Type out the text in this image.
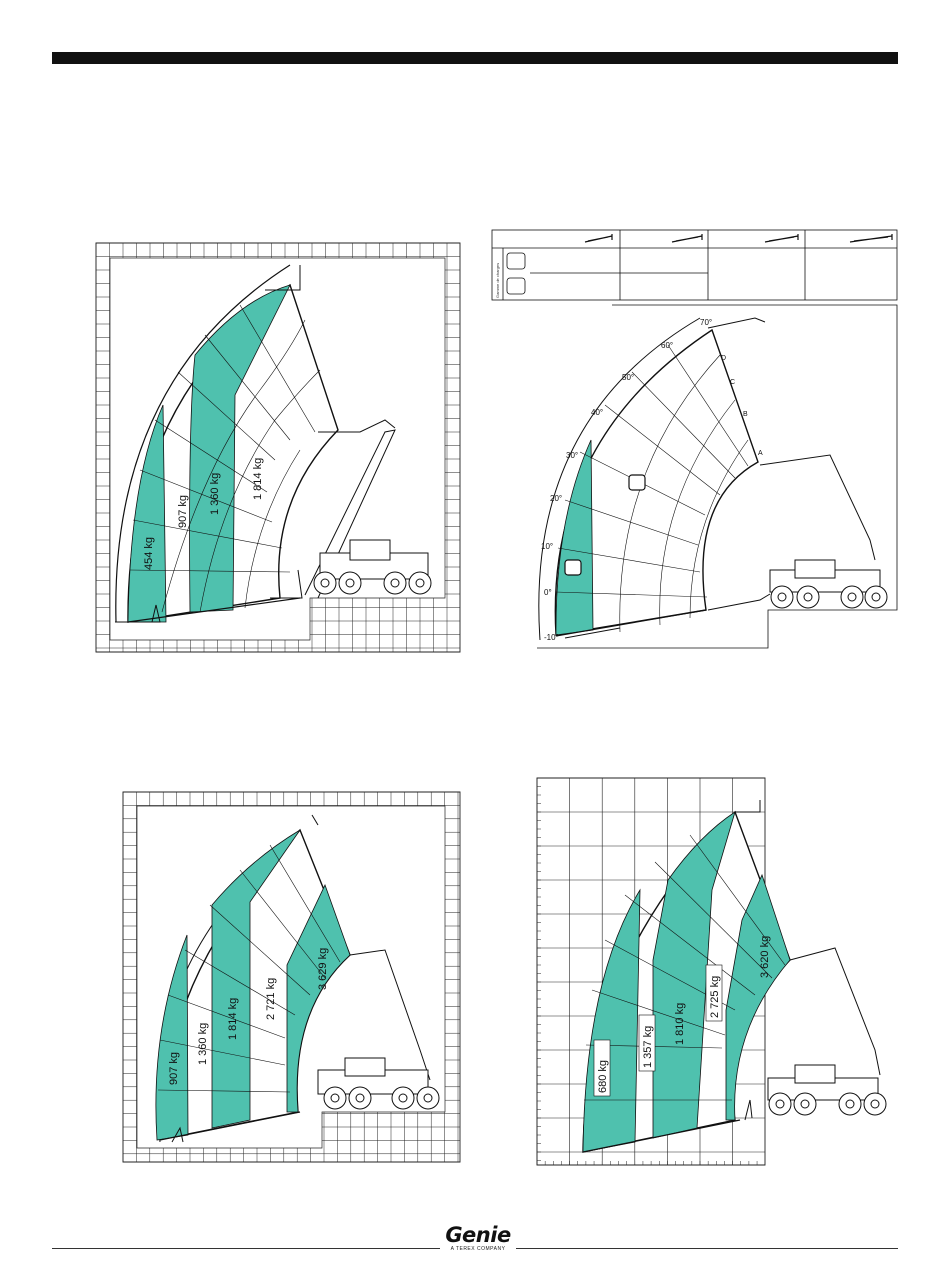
454 kg
907 kg 1 360 kg	1 814 kg
Gamme de charges
70°
60°
50°
40°
30°
20°
10°
0°
-10°
D
C
B
A
907 kg
1 360 kg
1 814 kg 2 721 kg
3 629 kg
680 kg
1 357 kg
1 810 kg
2 725 kg
3 620 kg
Genie
A TEREX COMPANY
